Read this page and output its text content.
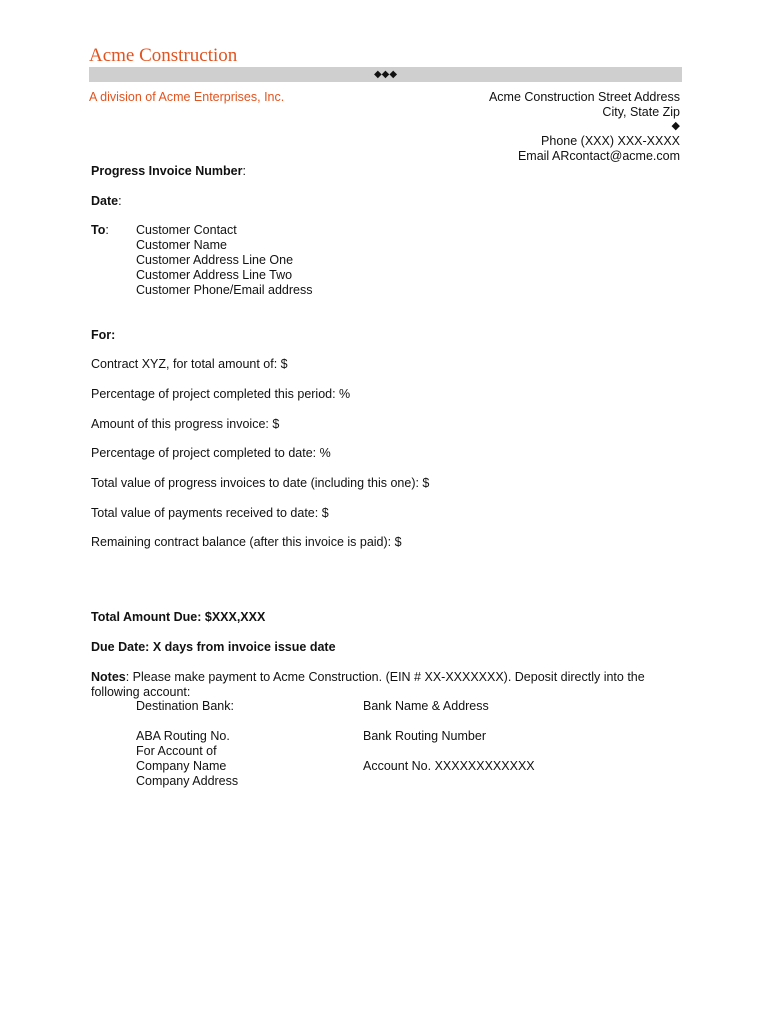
Acme Construction
◆◆◆
A division of Acme Enterprises, Inc.	Acme Construction Street Address
City, State Zip
◆
Phone (XXX) XXX-XXXX
Email ARcontact@acme.com
Progress Invoice Number:
Date:
To: Customer Contact
Customer Name
Customer Address Line One
Customer Address Line Two
Customer Phone/Email address
For:
Contract XYZ, for total amount of: $
Percentage of project completed this period: %
Amount of this progress invoice: $
Percentage of project completed to date: %
Total value of progress invoices to date (including this one): $
Total value of payments received to date: $
Remaining contract balance (after this invoice is paid): $
Total Amount Due: $XXX,XXX
Due Date: X days from invoice issue date
Notes: Please make payment to Acme Construction. (EIN # XX-XXXXXXX). Deposit directly into the
following account:
Destination Bank:
ABA Routing No.
For Account of
Company Name
Company Address
Bank Name & Address
Bank Routing Number
Account No. XXXXXXXXXXXX
